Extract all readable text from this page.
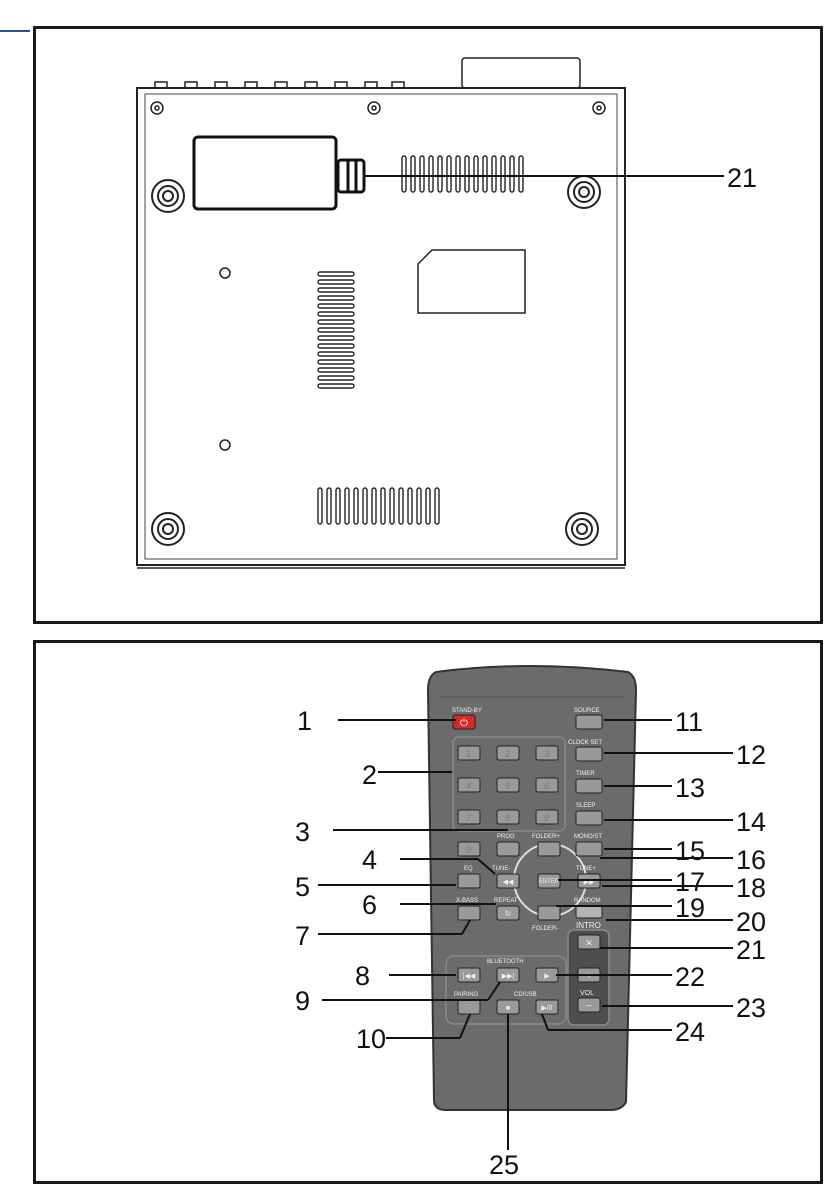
21
STAND-BY
⏻
SOURCE
1	2	3
4	5	6
7	8	9
0
CLOCK SET
TIMER
SLEEP
PROG	FOLDER+ MONO/ST
EQ	TUNE-
◀◀	ENTER
TUNE+
▶▶
X-BASS	REPEAT
↻
FOLDER-
RANDOM
INTRO
✕
+
VOL
−
BLUETOOTH
|◀◀	▶▶|	▶
PAIRING	CD/USB
■	▶/II
1
2
3
4
5
6
7
8
9
10
25
11
12
13
14
15 16
17 18
19 20
21
22
23
24
